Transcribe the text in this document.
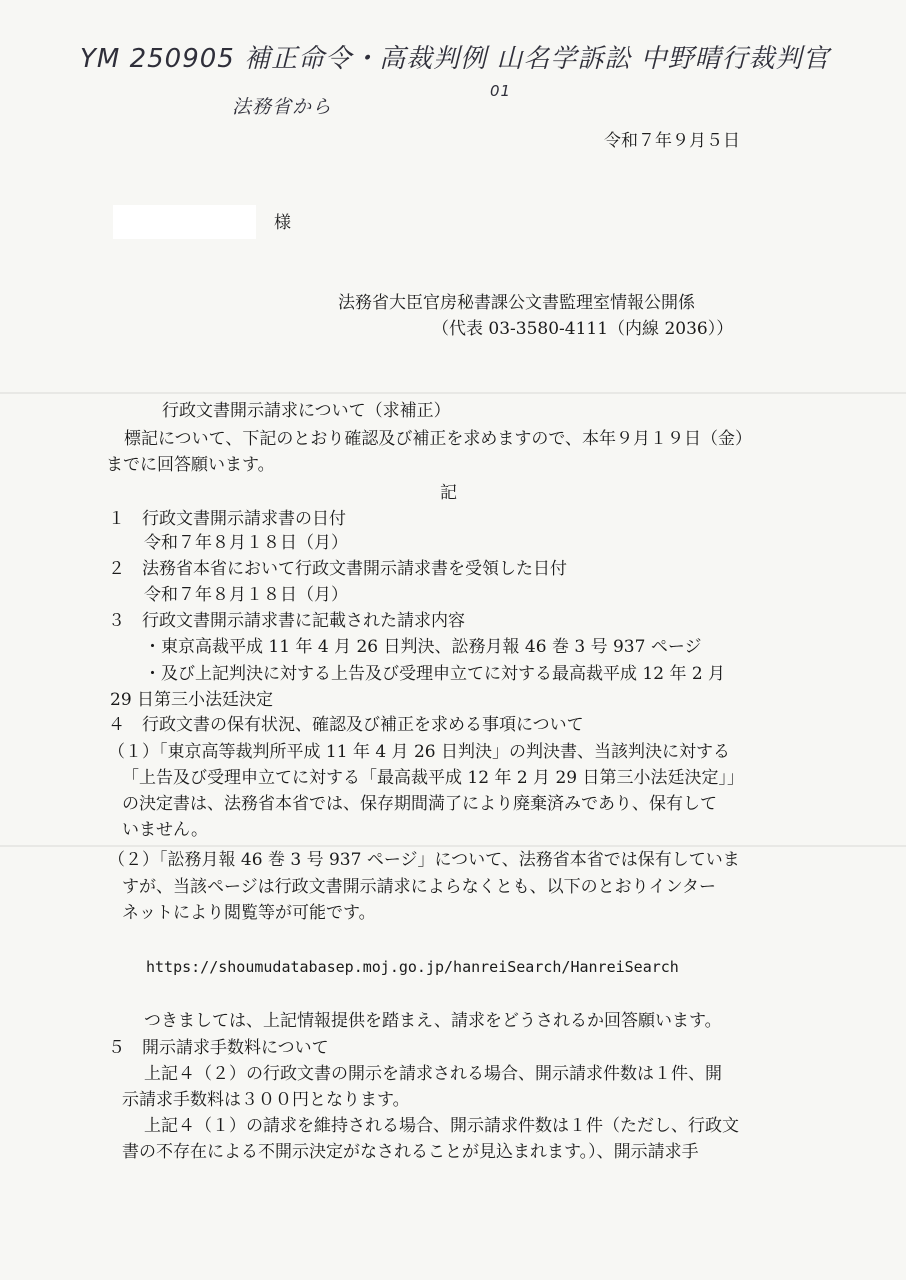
YM 250905 補正命令・高裁判例 山名学訴訟 中野晴行裁判官
法務省から
01
令和７年９月５日
様
法務省大臣官房秘書課公文書監理室情報公開係
（代表 03-3580-4111（内線 2036））
行政文書開示請求について（求補正）
標記について、下記のとおり確認及び補正を求めますので、本年９月１９日（金）
までに回答願います。
記
１　行政文書開示請求書の日付
令和７年８月１８日（月）
２　法務省本省において行政文書開示請求書を受領した日付
令和７年８月１８日（月）
３　行政文書開示請求書に記載された請求内容
・東京高裁平成 11 年 4 月 26 日判決、訟務月報 46 巻 3 号 937 ページ
・及び上記判決に対する上告及び受理申立てに対する最高裁平成 12 年 2 月
29 日第三小法廷決定
４　行政文書の保有状況、確認及び補正を求める事項について
（１）「東京高等裁判所平成 11 年 4 月 26 日判決」の判決書、当該判決に対する
「上告及び受理申立てに対する「最高裁平成 12 年 2 月 29 日第三小法廷決定」」
の決定書は、法務省本省では、保存期間満了により廃棄済みであり、保有して
いません。
（２）「訟務月報 46 巻 3 号 937 ページ」について、法務省本省では保有していま
すが、当該ページは行政文書開示請求によらなくとも、以下のとおりインター
ネットにより閲覧等が可能です。
https://shoumudatabasep.moj.go.jp/hanreiSearch/HanreiSearch
つきましては、上記情報提供を踏まえ、請求をどうされるか回答願います。
５　開示請求手数料について
上記４（２）の行政文書の開示を請求される場合、開示請求件数は１件、開
示請求手数料は３００円となります。
上記４（１）の請求を維持される場合、開示請求件数は１件（ただし、行政文
書の不存在による不開示決定がなされることが見込まれます。）、開示請求手
